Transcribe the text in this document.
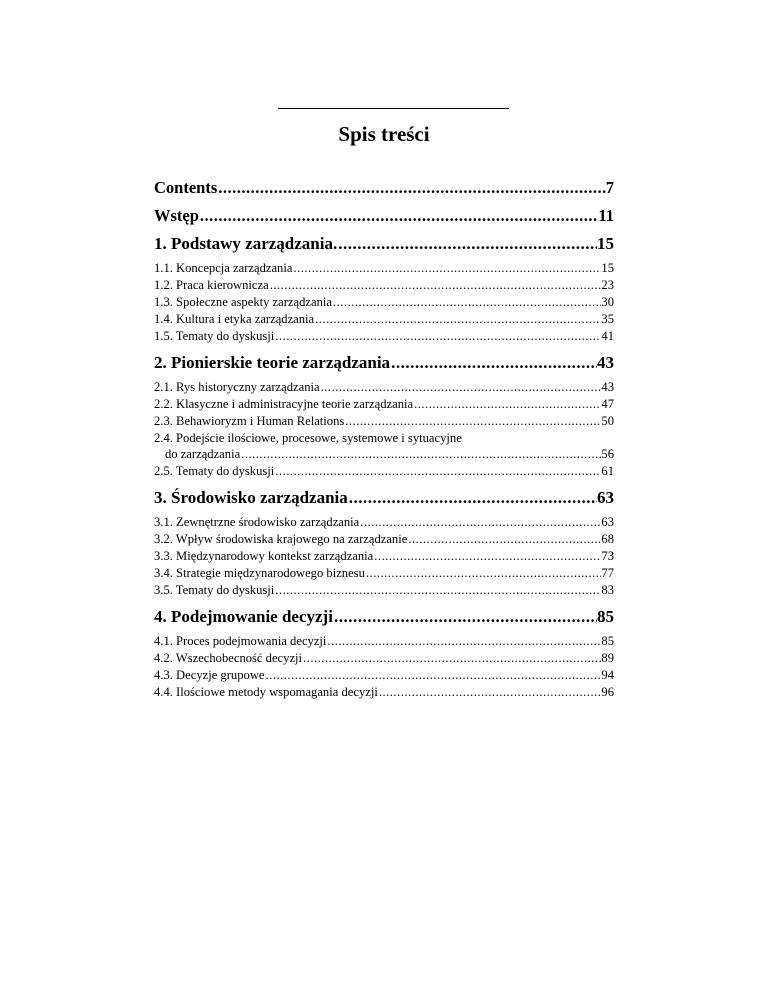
Spis treści
Contents .....	7
Wstęp .....	11
1. Podstawy zarządzania. .....	15
1.1. Koncepcja zarządzania .....	15
1.2. Praca kierownicza .....	23
1.3. Społeczne aspekty zarządzania .....	30
1.4. Kultura i etyka zarządzania .....	35
1.5. Tematy do dyskusji .....	41
2. Pionierskie teorie zarządzania .....	43
2.1. Rys historyczny zarządzania .....	43
2.2. Klasyczne i administracyjne teorie zarządzania .....	47
2.3. Behawioryzm i Human Relations .....	50
2.4. Podejście ilościowe, procesowe, systemowe i sytuacyjne
do zarządzania .....	56
2.5. Tematy do dyskusji .....	61
3. Środowisko zarządzania .....	63
3.1. Zewnętrzne środowisko zarządzania .....	63
3.2. Wpływ środowiska krajowego na zarządzanie .....	68
3.3. Międzynarodowy kontekst zarządzania .....	73
3.4. Strategie międzynarodowego biznesu .....	77
3.5. Tematy do dyskusji .....	83
4. Podejmowanie decyzji .....	85
4.1. Proces podejmowania decyzji .....	85
4.2. Wszechobecność decyzji .....	89
4.3. Decyzje grupowe .....	94
4.4. Ilościowe metody wspomagania decyzji .....	96
